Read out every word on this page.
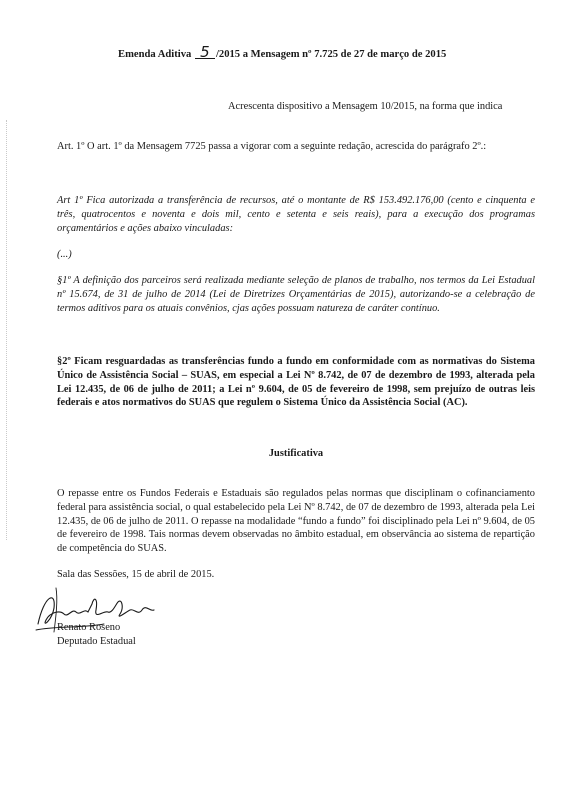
Emenda Aditiva 5 /2015 a Mensagem nº 7.725 de 27 de março de 2015
Acrescenta dispositivo a Mensagem 10/2015, na forma que indica
Art. 1º O art. 1º da Mensagem 7725 passa a vigorar com a seguinte redação, acrescida do parágrafo 2º.:
Art 1º Fica autorizada a transferência de recursos, até o montante de R$ 153.492.176,00 (cento e cinquenta e três, quatrocentos e noventa e dois mil, cento e setenta e seis reais), para a execução dos programas orçamentários e ações abaixo vinculadas:
(...)
§1º A definição dos parceiros será realizada mediante seleção de planos de trabalho, nos termos da Lei Estadual nº 15.674, de 31 de julho de 2014 (Lei de Diretrizes Orçamentárias de 2015), autorizando-se a celebração de termos aditivos para os atuais convênios, cjas ações possuam natureza de caráter contínuo.
§2º Ficam resguardadas as transferências fundo a fundo em conformidade com as normativas do Sistema Único de Assistência Social – SUAS, em especial a Lei Nº 8.742, de 07 de dezembro de 1993, alterada pela Lei 12.435, de 06 de julho de 2011; a Lei nº 9.604, de 05 de fevereiro de 1998, sem prejuízo de outras leis federais e atos normativos do SUAS que regulem o Sistema Único da Assistência Social (AC).
Justificativa
O repasse entre os Fundos Federais e Estaduais são regulados pelas normas que disciplinam o cofinanciamento federal para assistência social, o qual estabelecido pela Lei Nº 8.742, de 07 de dezembro de 1993, alterada pela Lei 12.435, de 06 de julho de 2011. O repasse na modalidade “fundo a fundo” foi disciplinado pela Lei nº 9.604, de 05 de fevereiro de 1998. Tais normas devem observadas no âmbito estadual, em observância ao sistema de repartição de competência do SUAS.
Sala das Sessões, 15 de abril de 2015.
Renato Roseno
Deputado Estadual
